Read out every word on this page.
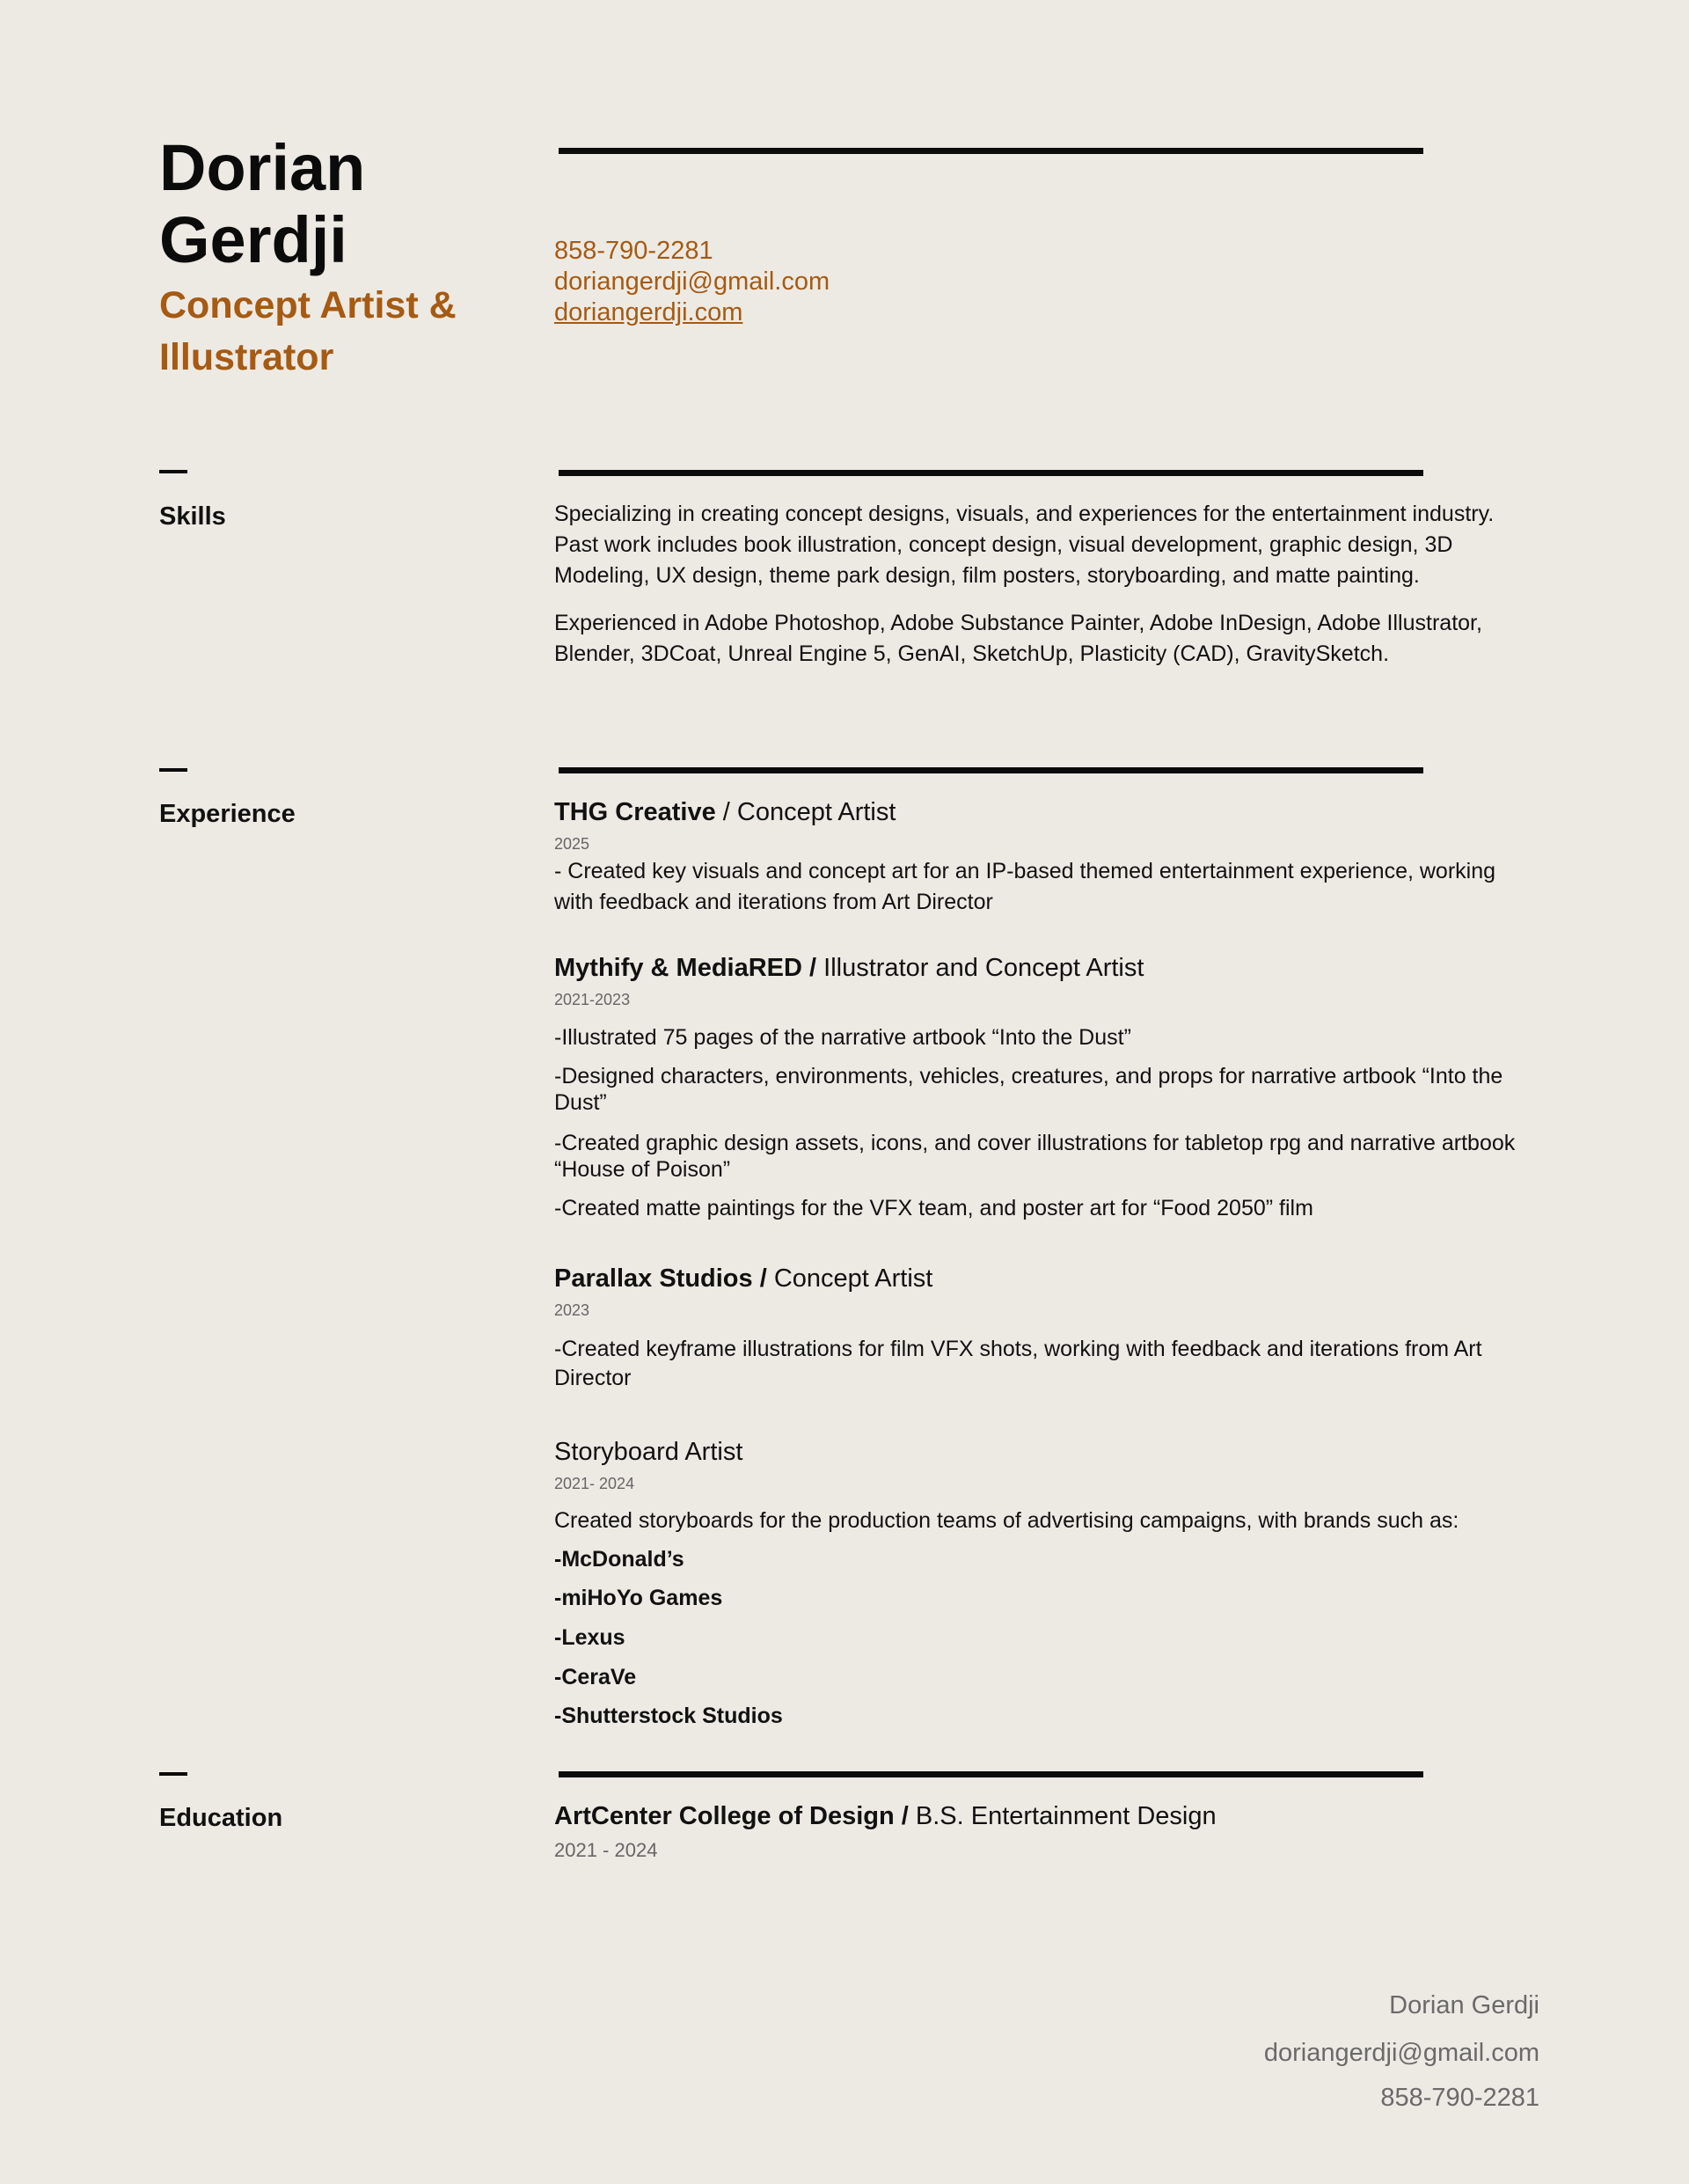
Dorian
Gerdji
Concept Artist &
Illustrator
858-790-2281
doriangerdji@gmail.com
doriangerdji.com
Skills	Specializing in creating concept designs, visuals, and experiences for the entertainment industry. Past work includes book illustration, concept design, visual development, graphic design, 3D Modeling, UX design, theme park design, film posters, storyboarding, and matte painting.

Experienced in Adobe Photoshop, Adobe Substance Painter, Adobe InDesign, Adobe Illustrator, Blender, 3DCoat, Unreal Engine 5, GenAI, SketchUp, Plasticity (CAD), GravitySketch.

Experience	THG Creative / Concept Artist
2025
- Created key visuals and concept art for an IP-based themed entertainment experience, working with feedback and iterations from Art Director
Mythify & MediaRED / Illustrator and Concept Artist
2021-2023
-Illustrated 75 pages of the narrative artbook “Into the Dust”
-Designed characters, environments, vehicles, creatures, and props for narrative artbook “Into the Dust”
-Created graphic design assets, icons, and cover illustrations for tabletop rpg and narrative artbook “House of Poison”
-Created matte paintings for the VFX team, and poster art for “Food 2050” film
Parallax Studios / Concept Artist
2023
-Created keyframe illustrations for film VFX shots, working with feedback and iterations from Art Director
Storyboard Artist
2021- 2024
Created storyboards for the production teams of advertising campaigns, with brands such as:
-McDonald’s
-miHoYo Games
-Lexus
-CeraVe
-Shutterstock Studios
Education	ArtCenter College of Design / B.S. Entertainment Design
2021 - 2024
Dorian Gerdji
doriangerdji@gmail.com
858-790-2281
